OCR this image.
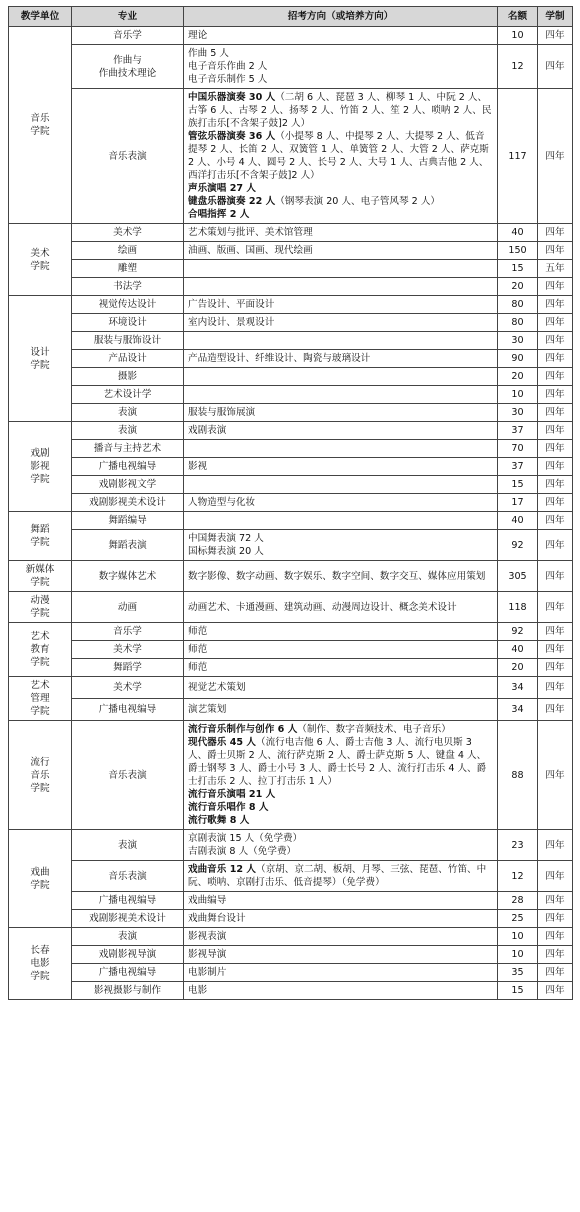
教学单位	专业	招考方向（或培养方向）	名额	学制

音乐
学院	音乐学	理论	10	四年

	作曲与
作曲技术理论	作曲 5 人
电子音乐作曲 2 人
电子音乐制作 5 人	12	四年

	音乐表演	中国乐器演奏 30 人（二胡 6 人、琵琶 3 人、柳琴 1 人、中阮 2 人、古筝 6 人、古琴 2 人、扬琴 2 人、竹笛 2 人、笙 2 人、唢呐 2 人、民族打击乐[不含架子鼓]2 人）
管弦乐器演奏 36 人（小提琴 8 人、中提琴 2 人、大提琴 2 人、低音提琴 2 人、长笛 2 人、双簧管 1 人、单簧管 2 人、大管 2 人、萨克斯 2 人、小号 4 人、圆号 2 人、长号 2 人、大号 1 人、古典吉他 2 人、西洋打击乐[不含架子鼓]2 人）
声乐演唱 27 人
键盘乐器演奏 22 人（钢琴表演 20 人、电子管风琴 2 人）
合唱指挥 2 人	117	四年

美术
学院	美术学	艺术策划与批评、美术馆管理	40	四年

	绘画	油画、版画、国画、现代绘画	150	四年

	雕塑		15	五年

	书法学		20	四年

设计
学院	视觉传达设计	广告设计、平面设计	80	四年

	环境设计	室内设计、景观设计	80	四年

	服装与服饰设计		30	四年

	产品设计	产品造型设计、纤维设计、陶瓷与玻璃设计	90	四年

	摄影		20	四年

	艺术设计学		10	四年

	表演	服装与服饰展演	30	四年

戏剧
影视
学院	表演	戏剧表演	37	四年

	播音与主持艺术		70	四年

	广播电视编导	影视	37	四年

	戏剧影视文学		15	四年

	戏剧影视美术设计	人物造型与化妆	17	四年

舞蹈
学院	舞蹈编导		40	四年

	舞蹈表演	中国舞表演 72 人
国标舞表演 20 人	92	四年

新媒体
学院	数字媒体艺术	数字影像、数字动画、数字娱乐、数字空间、数字交互、媒体应用策划	305	四年

动漫
学院	动画	动画艺术、卡通漫画、建筑动画、动漫周边设计、概念美术设计	118	四年

艺术
教育
学院	音乐学	师范	92	四年

	美术学	师范	40	四年

	舞蹈学	师范	20	四年

艺术
管理
学院	美术学	视觉艺术策划	34	四年

	广播电视编导	演艺策划	34	四年

流行
音乐
学院	音乐表演	流行音乐制作与创作 6 人（制作、数字音频技术、电子音乐）
现代器乐 45 人（流行电吉他 6 人、爵士吉他 3 人、流行电贝斯 3 人、爵士贝斯 2 人、流行萨克斯 2 人、爵士萨克斯 5 人、键盘 4 人、爵士钢琴 3 人、爵士小号 3 人、爵士长号 2 人、流行打击乐 4 人、爵士打击乐 2 人、拉丁打击乐 1 人）
流行音乐演唱 21 人
流行音乐唱作 8 人
流行歌舞 8 人	88	四年

戏曲
学院	表演	京剧表演 15 人（免学费）
吉剧表演 8 人（免学费）	23	四年

	音乐表演	戏曲音乐 12 人（京胡、京二胡、板胡、月琴、三弦、琵琶、竹笛、中阮、唢呐、京剧打击乐、低音提琴）（免学费）	12	四年

	广播电视编导	戏曲编导	28	四年

	戏剧影视美术设计	戏曲舞台设计	25	四年

长春
电影
学院	表演	影视表演	10	四年

	戏剧影视导演	影视导演	10	四年

	广播电视编导	电影制片	35	四年

	影视摄影与制作	电影	15	四年
